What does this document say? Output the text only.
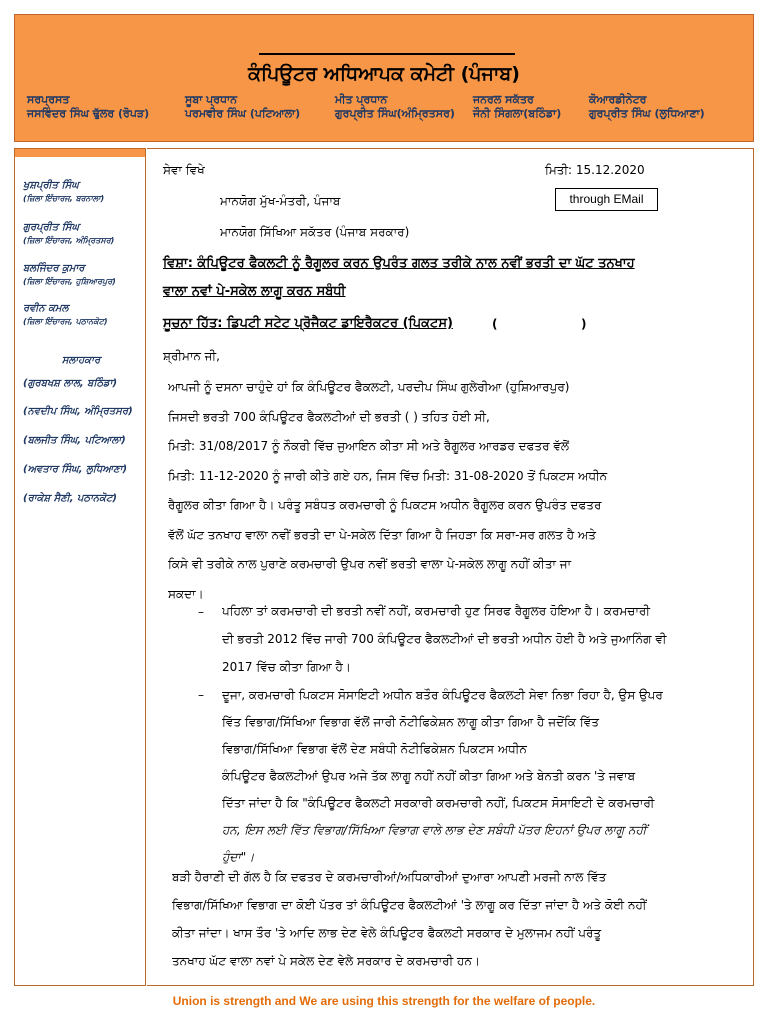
ਕੰਪਿਊਟਰ ਅਧਿਆਪਕ ਕਮੇਟੀ (ਪੰਜਾਬ)
ਸਰਪ੍ਰਸਤ
ਜਸਵਿੰਦਰ ਸਿੰਘ ਢੁੱਲਰ (ਰੋਪੜ)
ਸੂਬਾ ਪ੍ਰਧਾਨ
ਪਰਮਵੀਰ ਸਿੰਘ (ਪਟਿਆਲਾ)
ਮੀਤ ਪ੍ਰਧਾਨ
ਗੁਰਪ੍ਰੀਤ ਸਿੰਘ(ਅੰਮ੍ਰਿਤਸਰ)
ਜਨਰਲ ਸਕੱਤਰ
ਜੌਨੀ ਸਿੰਗਲਾ(ਬਠਿੰਡਾ)
ਕੋਆਰਡੀਨੇਟਰ
ਗੁਰਪ੍ਰੀਤ ਸਿੰਘ (ਲੁਧਿਆਣਾ)
ਖੁਸ਼ਪ੍ਰੀਤ ਸਿੰਘ
(ਜ਼ਿਲਾ ਇੰਚਾਰਜ, ਬਰਨਾਲਾ)
ਗੁਰਪ੍ਰੀਤ ਸਿੰਘ
(ਜ਼ਿਲਾ ਇੰਚਾਰਜ, ਅੰਮ੍ਰਿਤਸਰ)
ਬਲਜਿੰਦਰ ਕੁਮਾਰ
(ਜ਼ਿਲਾ ਇੰਚਾਰਜ, ਹੁਸ਼ਿਆਰਪੁਰ)
ਰਵੀਨ ਕਮਲ
(ਜ਼ਿਲਾ ਇੰਚਾਰਜ, ਪਠਾਨਕੋਟ)
ਸਲਾਹਕਾਰ
(ਗੁਰਬਖਸ਼ ਲਾਲ, ਬਠਿੰਡਾ)
(ਨਵਦੀਪ ਸਿੰਘ, ਅੰਮ੍ਰਿਤਸਰ)
(ਬਲਜੀਤ ਸਿੰਘ, ਪਟਿਆਲਾ)
(ਅਵਤਾਰ ਸਿੰਘ, ਲੁਧਿਆਣਾ)
(ਰਾਕੇਸ਼ ਸੈਣੀ, ਪਠਾਨਕੋਟ)
ਸੇਵਾ ਵਿਖੇ	ਮਿਤੀ: 15.12.2020
ਮਾਨਯੋਗ ਮੁੱਖ-ਮੰਤਰੀ, ਪੰਜਾਬ	through EMail
ਮਾਨਯੋਗ ਸਿੱਖਿਆ ਸਕੱਤਰ (ਪੰਜਾਬ ਸਰਕਾਰ)
ਵਿਸ਼ਾ: ਕੰਪਿਊਟਰ ਫੈਕਲਟੀ ਨੂੰ ਰੈਗੂਲਰ ਕਰਨ ਉਪਰੰਤ ਗਲਤ ਤਰੀਕੇ ਨਾਲ ਨਵੀਂ ਭਰਤੀ ਦਾ ਘੱਟ ਤਨਖਾਹ
ਵਾਲਾ ਨਵਾਂ ਪੇ-ਸਕੇਲ ਲਾਗੂ ਕਰਨ ਸਬੰਧੀ
ਸੂਚਨਾ ਹਿੱਤ: ਡਿਪਟੀ ਸਟੇਟ ਪ੍ਰੋਜੈਕਟ ਡਾਇਰੈਕਟਰ (ਪਿਕਟਸ)	(                    )
ਸ਼੍ਰੀਮਾਨ ਜੀ,
ਆਪਜੀ ਨੂੰ ਦਸਨਾ ਚਾਹੁੰਦੇ ਹਾਂ ਕਿ ਕੰਪਿਊਟਰ ਫੈਕਲਟੀ, ਪਰਦੀਪ ਸਿੰਘ ਗੁਲੇਰੀਆ (ਹੁਸ਼ਿਆਰਪੁਰ)
ਜਿਸਦੀ ਭਰਤੀ 700 ਕੰਪਿਊਟਰ ਫੈਕਲਟੀਆਂ ਦੀ ਭਰਤੀ ( ) ਤਹਿਤ ਹੋਈ ਸੀ,
ਮਿਤੀ: 31/08/2017 ਨੂੰ ਨੌਕਰੀ ਵਿੱਚ ਜੁਆਇਨ ਕੀਤਾ ਸੀ ਅਤੇ ਰੈਗੂਲਰ ਆਰਡਰ ਦਫਤਰ ਵੱਲੋਂ
ਮਿਤੀ: 11-12-2020 ਨੂੰ ਜਾਰੀ ਕੀਤੇ ਗਏ ਹਨ, ਜਿਸ ਵਿੱਚ ਮਿਤੀ: 31-08-2020 ਤੋਂ ਪਿਕਟਸ ਅਧੀਨ
ਰੈਗੂਲਰ ਕੀਤਾ ਗਿਆ ਹੈ। ਪਰੰਤੂ ਸਬੰਧਤ ਕਰਮਚਾਰੀ ਨੂੰ ਪਿਕਟਸ ਅਧੀਨ ਰੈਗੂਲਰ ਕਰਨ ਉਪਰੰਤ ਦਫਤਰ
ਵੱਲੋਂ ਘੱਟ ਤਨਖਾਹ ਵਾਲਾ ਨਵੀਂ ਭਰਤੀ ਦਾ ਪੇ-ਸਕੇਲ ਦਿੱਤਾ ਗਿਆ ਹੈ ਜਿਹੜਾ ਕਿ ਸਰਾ-ਸਰ ਗਲਤ ਹੈ ਅਤੇ
ਕਿਸੇ ਵੀ ਤਰੀਕੇ ਨਾਲ ਪੁਰਾਣੇ ਕਰਮਚਾਰੀ ਉਪਰ ਨਵੀਂ ਭਰਤੀ ਵਾਲਾ ਪੇ-ਸਕੇਲ ਲਾਗੂ ਨਹੀਂ ਕੀਤਾ ਜਾ
ਸਕਦਾ।
ਪਹਿਲਾ ਤਾਂ ਕਰਮਚਾਰੀ ਦੀ ਭਰਤੀ ਨਵੀਂ ਨਹੀਂ, ਕਰਮਚਾਰੀ ਹੁਣ ਸਿਰਫ ਰੈਗੂਲਰ ਹੋਇਆ ਹੈ। ਕਰਮਚਾਰੀ
ਦੀ ਭਰਤੀ 2012 ਵਿੱਚ ਜਾਰੀ 700 ਕੰਪਿਊਟਰ ਫੈਕਲਟੀਆਂ ਦੀ ਭਰਤੀ ਅਧੀਨ ਹੋਈ ਹੈ ਅਤੇ ਜੁਆਨਿੰਗ ਵੀ
2017 ਵਿੱਚ ਕੀਤਾ ਗਿਆ ਹੈ।
ਦੂਜਾ, ਕਰਮਚਾਰੀ ਪਿਕਟਸ ਸੋਸਾਇਟੀ ਅਧੀਨ ਬਤੌਰ ਕੰਪਿਊਟਰ ਫੈਕਲਟੀ ਸੇਵਾ ਨਿਭਾ ਰਿਹਾ ਹੈ, ਉਸ ਉਪਰ
ਵਿੱਤ ਵਿਭਾਗ/ਸਿੱਖਿਆ ਵਿਭਾਗ ਵੱਲੋਂ ਜਾਰੀ ਨੋਟੀਫਿਕੇਸ਼ਨ ਲਾਗੂ ਕੀਤਾ ਗਿਆ ਹੈ ਜਦੋਂਕਿ ਵਿੱਤ
ਵਿਭਾਗ/ਸਿੱਖਿਆ ਵਿਭਾਗ ਵੱਲੋਂ ਦੇਣ ਸਬੰਧੀ ਨੋਟੀਫਿਕੇਸ਼ਨ ਪਿਕਟਸ ਅਧੀਨ
ਕੰਪਿਊਟਰ ਫੈਕਲਟੀਆਂ ਉਪਰ ਅਜੇ ਤੱਕ ਲਾਗੂ ਨਹੀਂ ਨਹੀਂ ਕੀਤਾ ਗਿਆ ਅਤੇ ਬੇਨਤੀ ਕਰਨ 'ਤੇ ਜਵਾਬ
ਦਿੱਤਾ ਜਾਂਦਾ ਹੈ ਕਿ "ਕੰਪਿਊਟਰ ਫੈਕਲਟੀ ਸਰਕਾਰੀ ਕਰਮਚਾਰੀ ਨਹੀਂ, ਪਿਕਟਸ ਸੋਸਾਇਟੀ ਦੇ ਕਰਮਚਾਰੀ
ਹਨ, ਇਸ ਲਈ ਵਿੱਤ ਵਿਭਾਗ/ਸਿੱਖਿਆ ਵਿਭਾਗ ਵਾਲੇ ਲਾਭ ਦੇਣ ਸਬੰਧੀ ਪੱਤਰ ਇਹਨਾਂ ਉਪਰ ਲਾਗੂ ਨਹੀਂ
ਹੁੰਦਾ"।
ਬੜੀ ਹੈਰਾਣੀ ਦੀ ਗੱਲ ਹੈ ਕਿ ਦਫਤਰ ਦੇ ਕਰਮਚਾਰੀਆਂ/ਅਧਿਕਾਰੀਆਂ ਦੁਆਰਾ ਆਪਣੀ ਮਰਜੀ ਨਾਲ ਵਿੱਤ
ਵਿਭਾਗ/ਸਿੱਖਿਆ ਵਿਭਾਗ ਦਾ ਕੋਈ ਪੱਤਰ ਤਾਂ ਕੰਪਿਊਟਰ ਫੈਕਲਟੀਆਂ 'ਤੇ ਲਾਗੂ ਕਰ ਦਿੱਤਾ ਜਾਂਦਾ ਹੈ ਅਤੇ ਕੋਈ ਨਹੀਂ
ਕੀਤਾ ਜਾਂਦਾ। ਖਾਸ ਤੌਰ 'ਤੇ ਆਦਿ ਲਾਭ ਦੇਣ ਵੇਲੇ ਕੰਪਿਊਟਰ ਫੈਕਲਟੀ ਸਰਕਾਰ ਦੇ ਮੁਲਾਜਮ ਨਹੀਂ ਪਰੰਤੂ
ਤਨਖਾਹ ਘੱਟ ਵਾਲਾ ਨਵਾਂ ਪੇ ਸਕੇਲ ਦੇਣ ਵੇਲੇ ਸਰਕਾਰ ਦੇ ਕਰਮਚਾਰੀ ਹਨ।
–
–
Union is strength and We are using this strength for the welfare of people.
